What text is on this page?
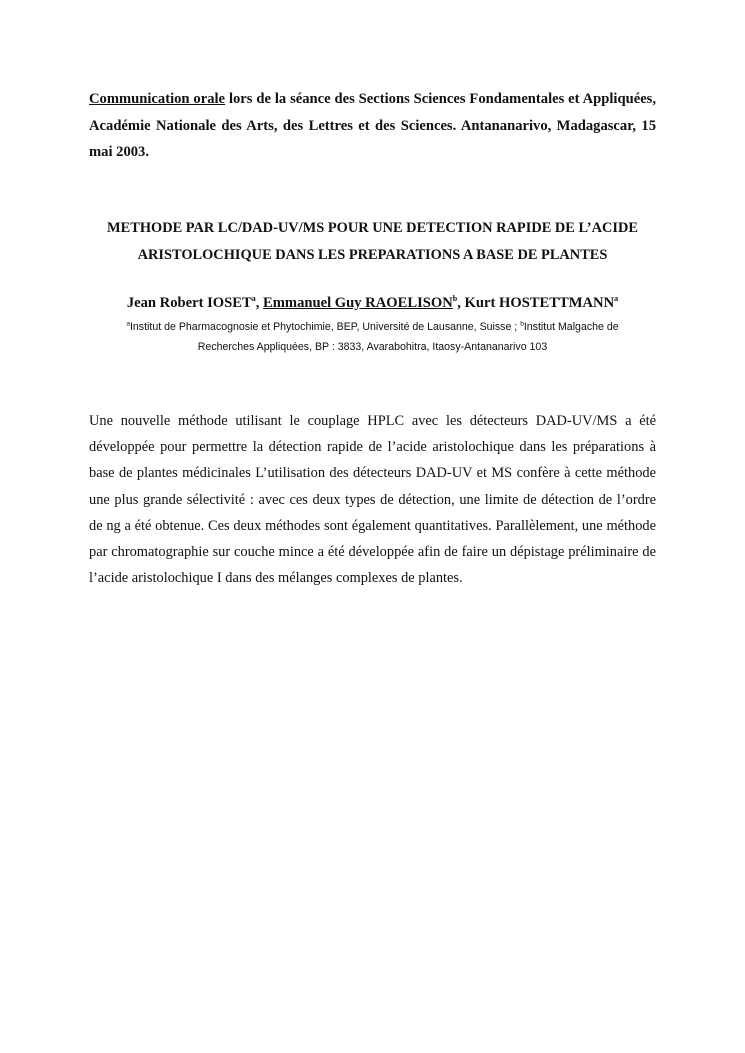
Communication orale lors de la séance des Sections Sciences Fondamentales et Appliquées, Académie Nationale des Arts, des Lettres et des Sciences. Antananarivo, Madagascar, 15 mai 2003.
METHODE PAR LC/DAD-UV/MS POUR UNE DETECTION RAPIDE DE L’ACIDE
ARISTOLOCHIQUE DANS LES PREPARATIONS A BASE DE PLANTES
Jean Robert IOSET$^a$, Emmanuel Guy RAOELISON$^b$, Kurt HOSTETTMANN$^a$
$^a$Institut de Pharmacognosie et Phytochimie, BEP, Université de Lausanne, Suisse ; $^b$Institut Malgache de
Recherches Appliquées, BP : 3833, Avarabohitra, Itaosy-Antananarivo 103
Une nouvelle méthode utilisant le couplage HPLC avec les détecteurs DAD-UV/MS a été développée pour permettre la détection rapide de l’acide aristolochique dans les préparations à base de plantes médicinales L’utilisation des détecteurs DAD-UV et MS confère à cette méthode une plus grande sélectivité : avec ces deux types de détection, une limite de détection de l’ordre de ng a été obtenue. Ces deux méthodes sont également quantitatives. Parallèlement, une méthode par chromatographie sur couche mince a été développée afin de faire un dépistage préliminaire de l’acide aristolochique I dans des mélanges complexes de plantes.
